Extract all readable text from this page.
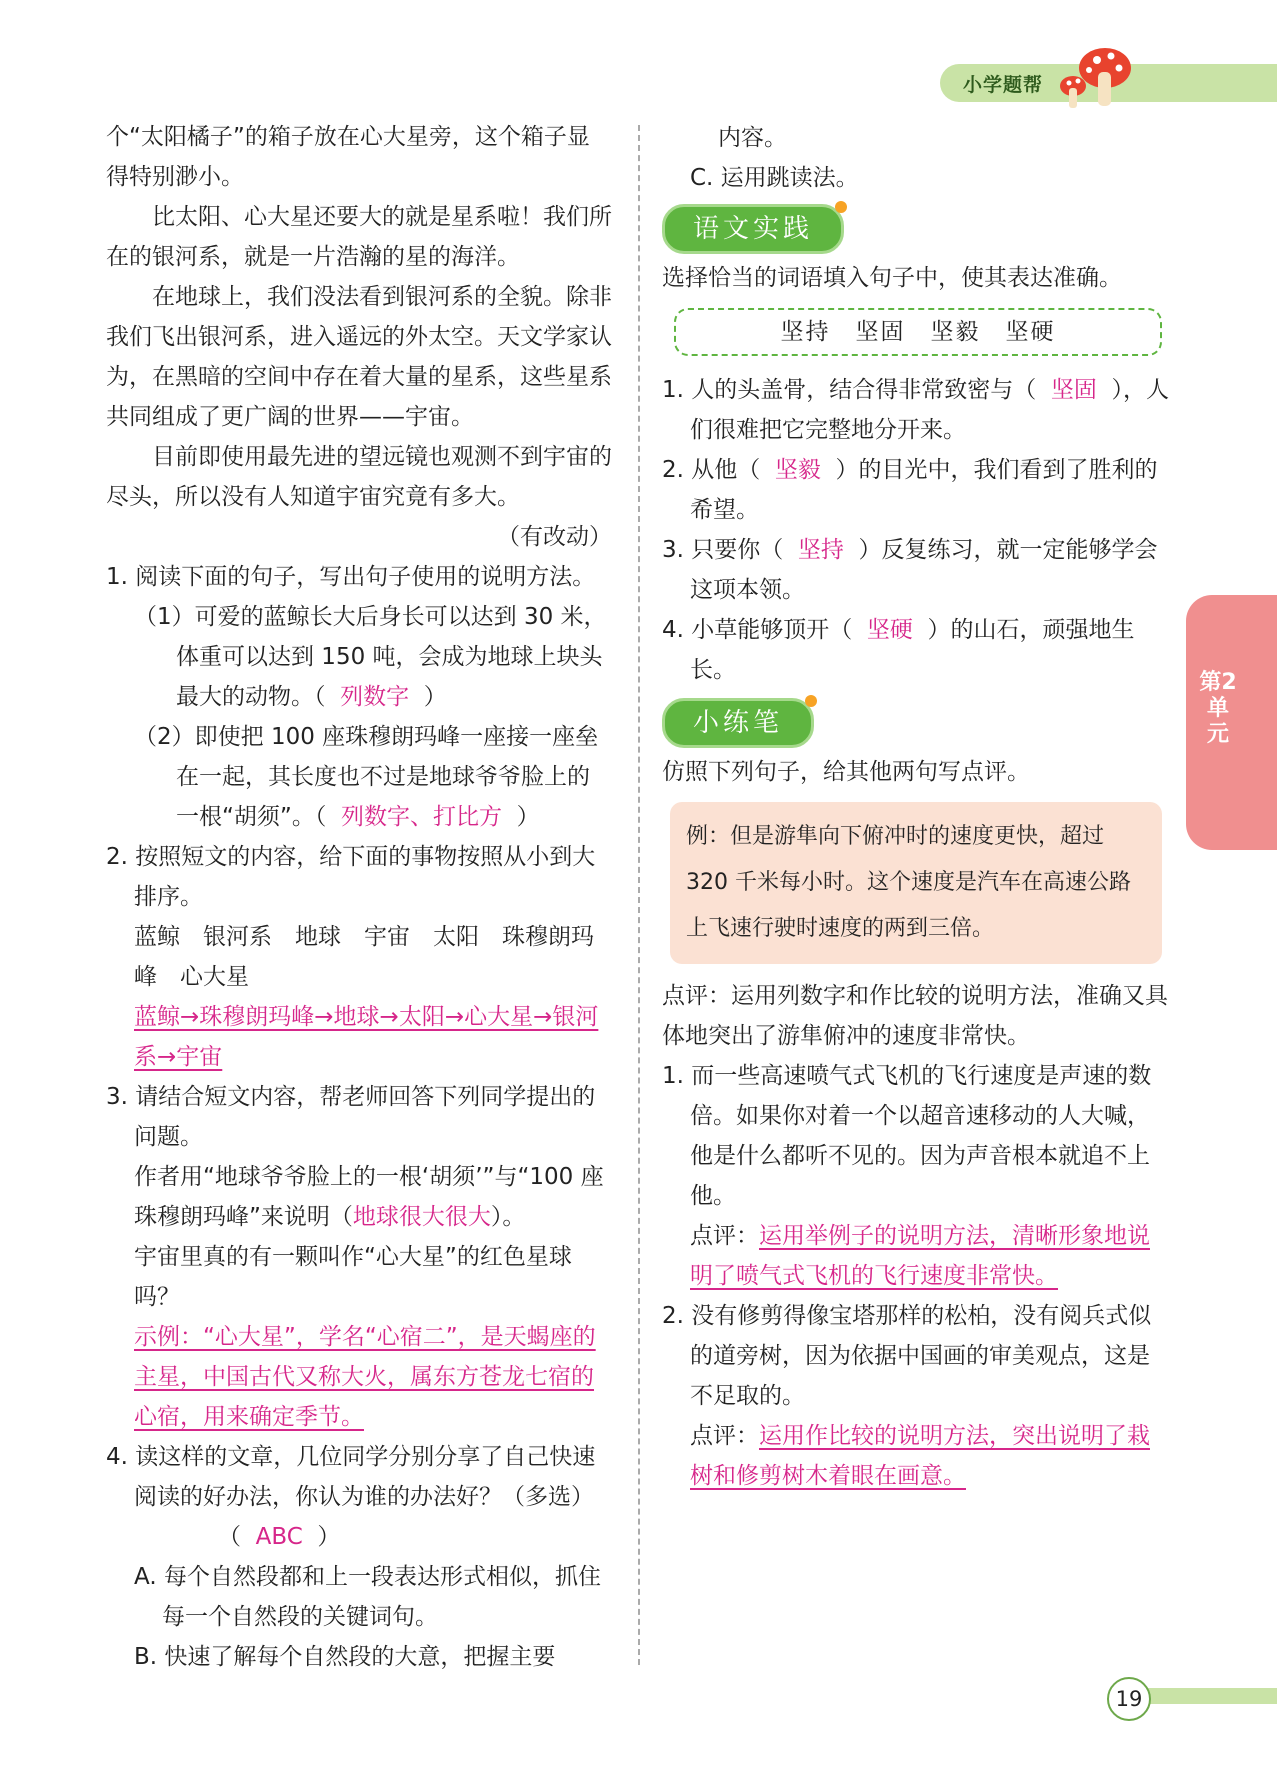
小学题帮
第2单元

个“太阳橘子”的箱子放在心大星旁，这个箱子显得特别渺小。

比太阳、心大星还要大的就是星系啦！我们所在的银河系，就是一片浩瀚的星的海洋。

在地球上，我们没法看到银河系的全貌。除非我们飞出银河系，进入遥远的外太空。天文学家认为，在黑暗的空间中存在着大量的星系，这些星系共同组成了更广阔的世界——宇宙。

目前即使用最先进的望远镜也观测不到宇宙的尽头，所以没有人知道宇宙究竟有多大。

（有改动）

1. 阅读下面的句子，写出句子使用的说明方法。

（1）可爱的蓝鲸长大后身长可以达到 30 米，体重可以达到 150 吨，会成为地球上块头最大的动物。（ 列数字 ）

（2）即使把 100 座珠穆朗玛峰一座接一座垒在一起，其长度也不过是地球爷爷脸上的一根“胡须”。（ 列数字、打比方 ）

2. 按照短文的内容，给下面的事物按照从小到大排序。

蓝鲸　银河系　地球　宇宙　太阳　珠穆朗玛峰　心大星

蓝鲸→珠穆朗玛峰→地球→太阳→心大星→银河系→宇宙

3. 请结合短文内容，帮老师回答下列同学提出的问题。

作者用“地球爷爷脸上的一根‘胡须’”与“100 座珠穆朗玛峰”来说明（地球很大很大）。

宇宙里真的有一颗叫作“心大星”的红色星球吗？

示例：“心大星”，学名“心宿二”，是天蝎座的主星，中国古代又称大火，属东方苍龙七宿的心宿，用来确定季节。

4. 读这样的文章，几位同学分别分享了自己快速阅读的好办法，你认为谁的办法好？（多选）（ ABC ）

A. 每个自然段都和上一段表达形式相似，抓住每一个自然段的关键词句。

B. 快速了解每个自然段的大意，把握主要

内容。

C. 运用跳读法。

语文实践

选择恰当的词语填入句子中，使其表达准确。

坚持　坚固　坚毅　坚硬

1. 人的头盖骨，结合得非常致密与（ 坚固 ），人们很难把它完整地分开来。

2. 从他（ 坚毅 ）的目光中，我们看到了胜利的希望。

3. 只要你（ 坚持 ）反复练习，就一定能够学会这项本领。

4. 小草能够顶开（ 坚硬 ）的山石，顽强地生长。

小练笔

仿照下列句子，给其他两句写点评。

例：但是游隼向下俯冲时的速度更快，超过 320 千米每小时。这个速度是汽车在高速公路上飞速行驶时速度的两到三倍。

点评：运用列数字和作比较的说明方法，准确又具体地突出了游隼俯冲的速度非常快。

1. 而一些高速喷气式飞机的飞行速度是声速的数倍。如果你对着一个以超音速移动的人大喊，他是什么都听不见的。因为声音根本就追不上他。

点评：运用举例子的说明方法，清晰形象地说明了喷气式飞机的飞行速度非常快。

2. 没有修剪得像宝塔那样的松柏，没有阅兵式似的道旁树，因为依据中国画的审美观点，这是不足取的。

点评：运用作比较的说明方法，突出说明了栽树和修剪树木着眼在画意。

19
